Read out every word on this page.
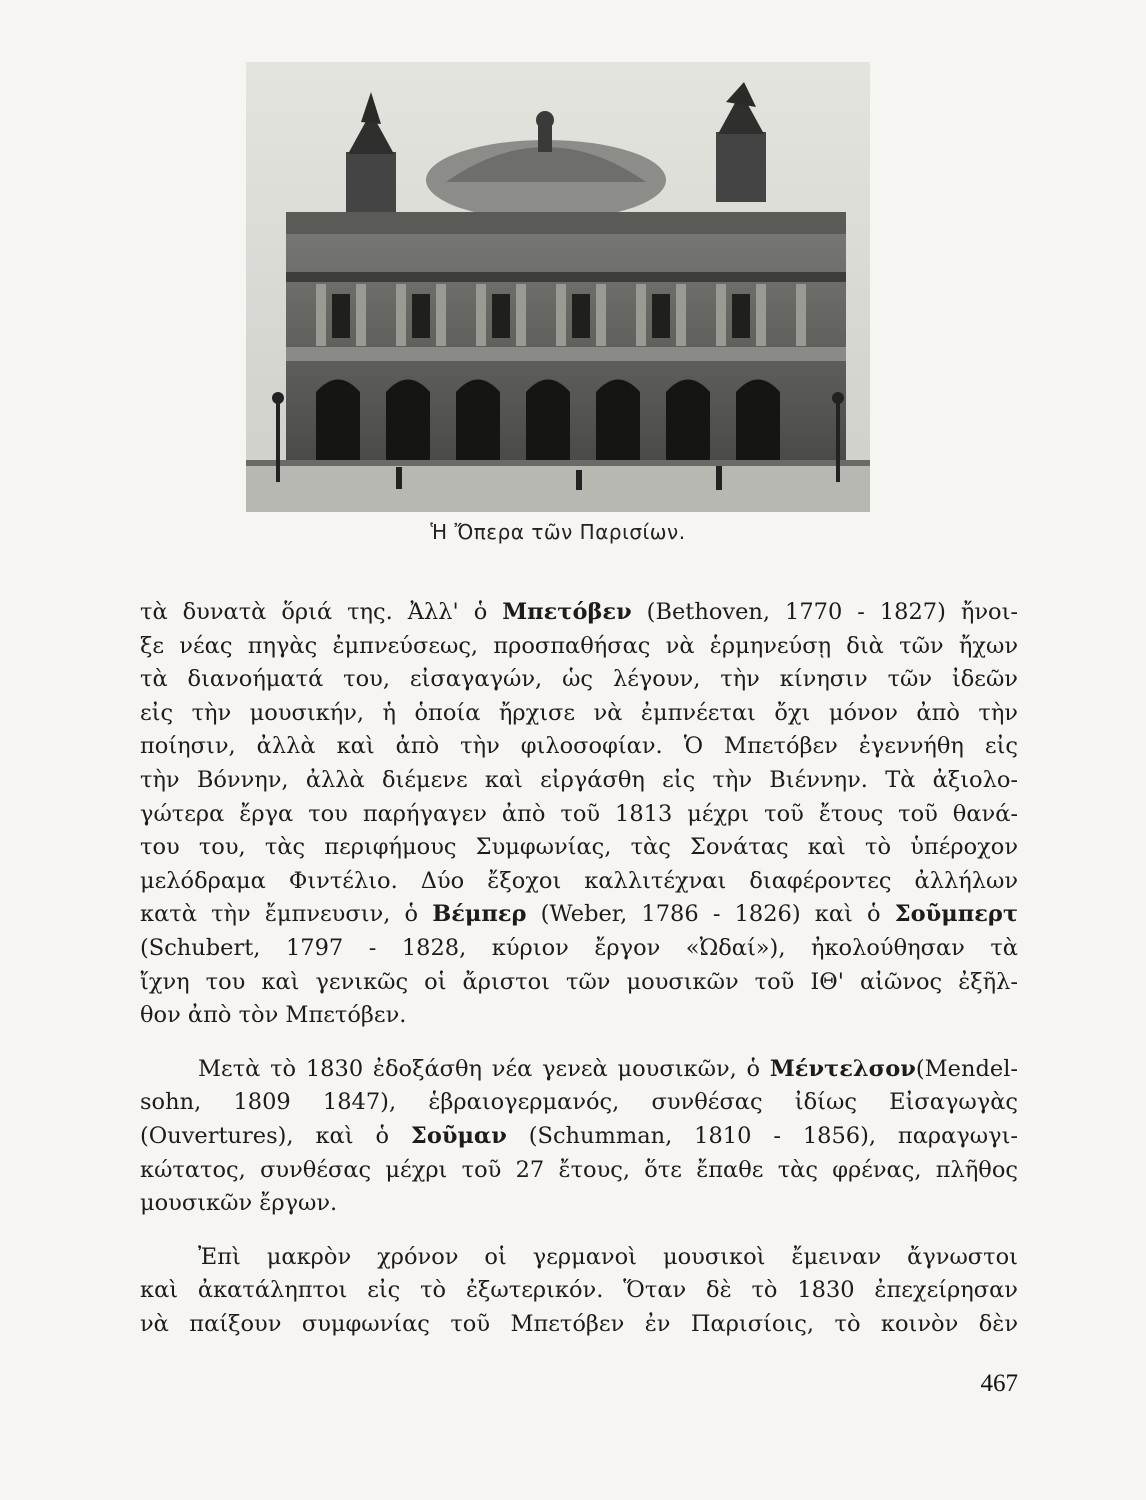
Ἡ Ὄπερα τῶν Παρισίων.
τὰ δυνατὰ ὅριά της. Ἀλλ' ὁ Μπετόβεν (Bethoven, 1770 - 1827) ἤνοι-
ξε νέας πηγὰς ἐμπνεύσεως, προσπαθήσας νὰ ἑρμηνεύσῃ διὰ τῶν ἤχων
τὰ διανοήματά του, εἰσαγαγών, ὡς λέγουν, τὴν κίνησιν τῶν ἰδεῶν
εἰς τὴν μουσικήν, ἡ ὁποία ἤρχισε νὰ ἐμπνέεται ὄχι μόνον ἀπὸ τὴν
ποίησιν, ἀλλὰ καὶ ἀπὸ τὴν φιλοσοφίαν. Ὁ Μπετόβεν ἐγεννήθη εἰς
τὴν Βόννην, ἀλλὰ διέμενε καὶ εἰργάσθη εἰς τὴν Βιέννην. Τὰ ἀξιολο-
γώτερα ἔργα του παρήγαγεν ἀπὸ τοῦ 1813 μέχρι τοῦ ἔτους τοῦ θανά-
του του, τὰς περιφήμους Συμφωνίας, τὰς Σονάτας καὶ τὸ ὑπέροχον
μελόδραμα Φιντέλιο. Δύο ἔξοχοι καλλιτέχναι διαφέροντες ἀλλήλων
κατὰ τὴν ἔμπνευσιν, ὁ Βέμπερ (Weber, 1786 - 1826) καὶ ὁ Σοῦμπερτ
(Schubert, 1797 - 1828, κύριον ἔργον «Ὠδαί»), ἠκολούθησαν τὰ
ἴχνη του καὶ γενικῶς οἱ ἄριστοι τῶν μουσικῶν τοῦ ΙΘ' αἰῶνος ἐξῆλ-
θον ἀπὸ τὸν Μπετόβεν.
Μετὰ τὸ 1830 ἐδοξάσθη νέα γενεὰ μουσικῶν, ὁ Μέντελσον(Mendel-
sohn, 1809 1847), ἑβραιογερμανός, συνθέσας ἰδίως Εἰσαγωγὰς
(Ouvertures), καὶ ὁ Σοῦμαν (Schumman, 1810 - 1856), παραγωγι-
κώτατος, συνθέσας μέχρι τοῦ 27 ἔτους, ὅτε ἔπαθε τὰς φρένας, πλῆθος
μουσικῶν ἔργων.
Ἐπὶ μακρὸν χρόνον οἱ γερμανοὶ μουσικοὶ ἔμειναν ἄγνωστοι
καὶ ἀκατάληπτοι εἰς τὸ ἐξωτερικόν. Ὅταν δὲ τὸ 1830 ἐπεχείρησαν
νὰ παίξουν συμφωνίας τοῦ Μπετόβεν ἐν Παρισίοις, τὸ κοινὸν δὲν
467
